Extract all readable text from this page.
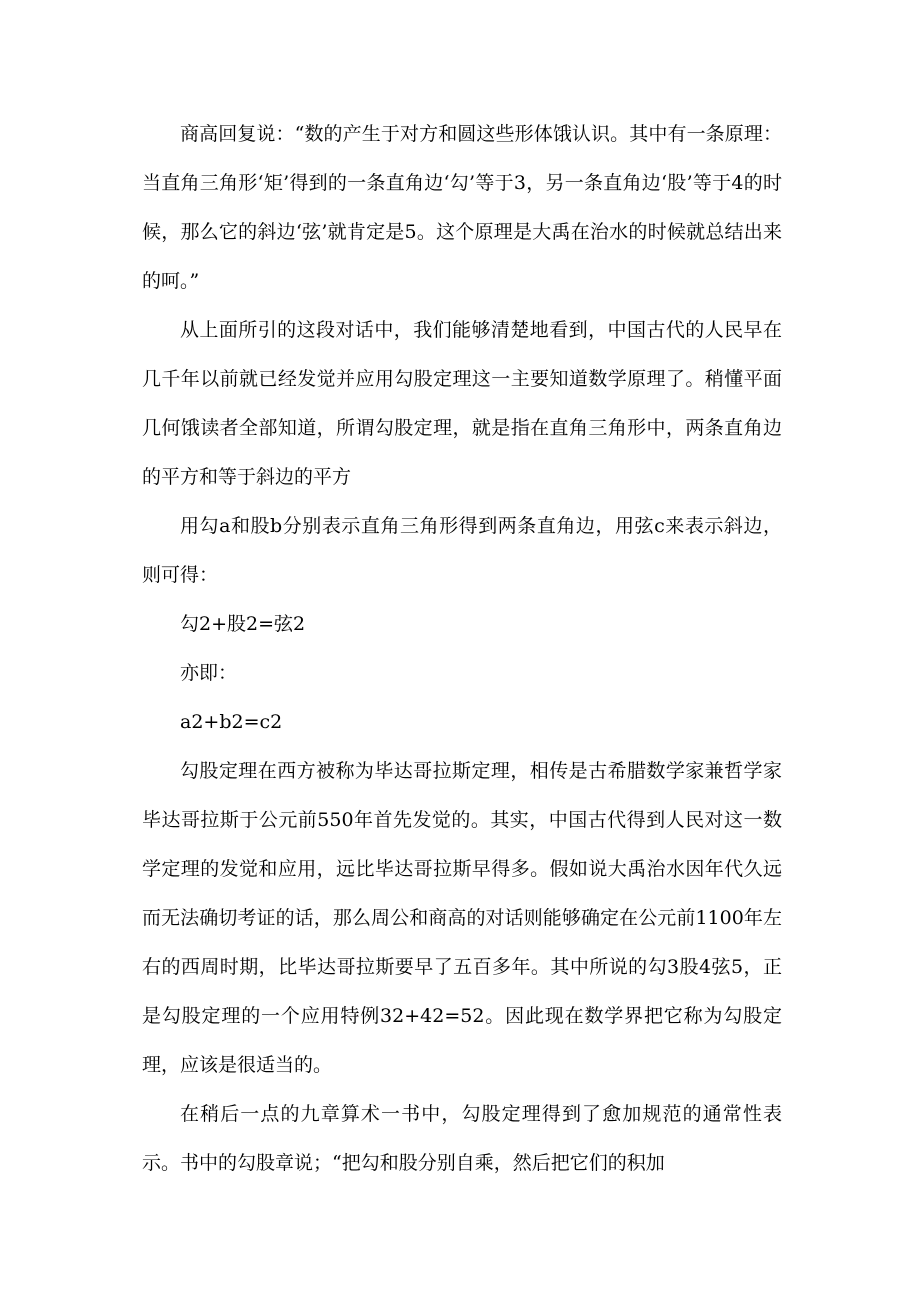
商高回复说：“数的产生于对方和圆这些形体饿认识。其中有一条原理：当直角三角形‘矩’得到的一条直角边‘勾’等于3，另一条直角边‘股’等于4的时候，那么它的斜边‘弦’就肯定是5。这个原理是大禹在治水的时候就总结出来的呵。”

从上面所引的这段对话中，我们能够清楚地看到，中国古代的人民早在几千年以前就已经发觉并应用勾股定理这一主要知道数学原理了。稍懂平面几何饿读者全部知道，所谓勾股定理，就是指在直角三角形中，两条直角边的平方和等于斜边的平方

用勾a和股b分别表示直角三角形得到两条直角边，用弦c来表示斜边，则可得：

勾2+股2=弦2

亦即：

a2+b2=c2

勾股定理在西方被称为毕达哥拉斯定理，相传是古希腊数学家兼哲学家毕达哥拉斯于公元前550年首先发觉的。其实，中国古代得到人民对这一数学定理的发觉和应用，远比毕达哥拉斯早得多。假如说大禹治水因年代久远而无法确切考证的话，那么周公和商高的对话则能够确定在公元前1100年左右的西周时期，比毕达哥拉斯要早了五百多年。其中所说的勾3股4弦5，正是勾股定理的一个应用特例32+42=52。因此现在数学界把它称为勾股定理，应该是很适当的。

在稍后一点的九章算术一书中，勾股定理得到了愈加规范的通常性表示。书中的勾股章说；“把勾和股分别自乘，然后把它们的积加
